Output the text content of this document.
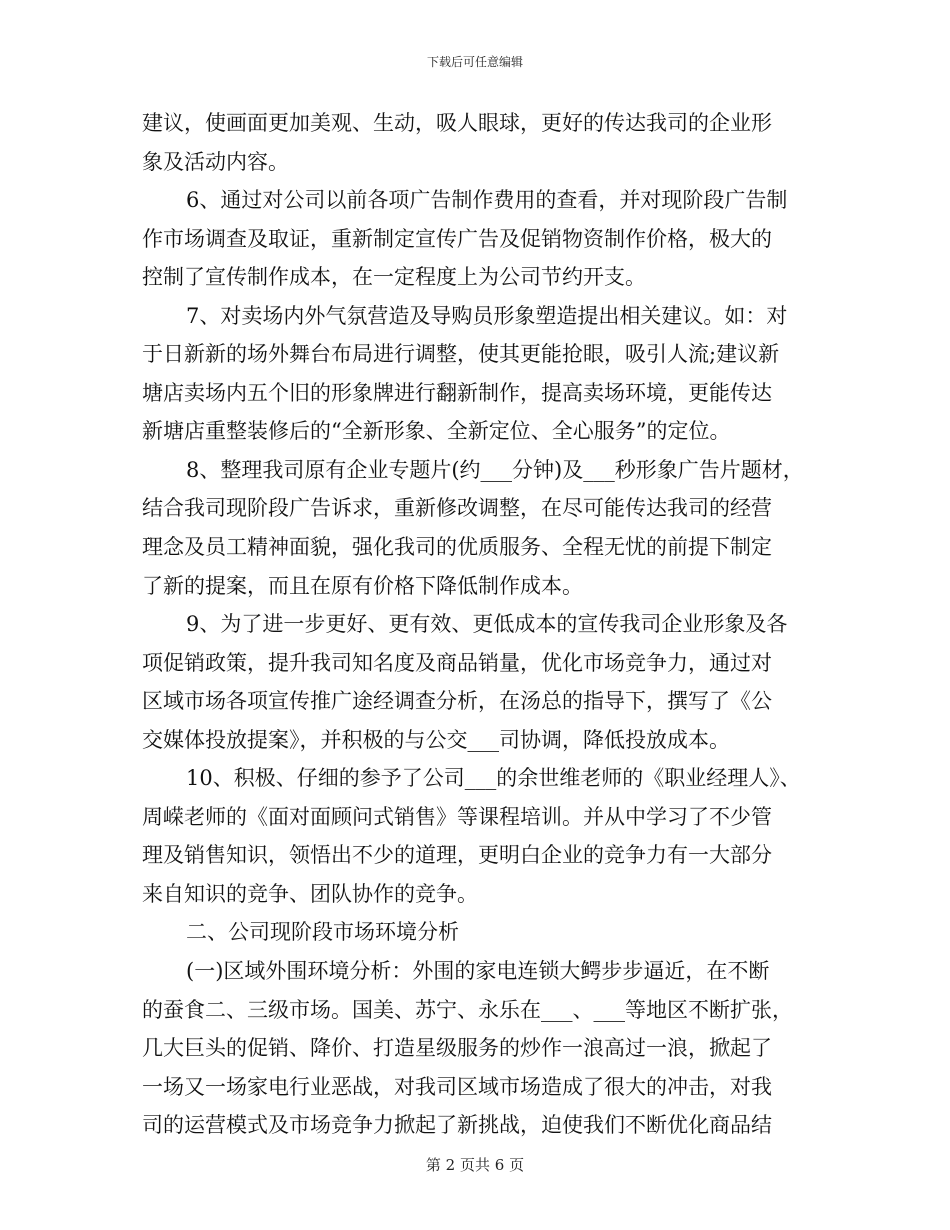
下载后可任意编辑
建议，使画面更加美观、生动，吸人眼球，更好的传达我司的企业形
象及活动内容。
6、通过对公司以前各项广告制作费用的查看，并对现阶段广告制
作市场调查及取证，重新制定宣传广告及促销物资制作价格，极大的
控制了宣传制作成本，在一定程度上为公司节约开支。
7、对卖场内外气氛营造及导购员形象塑造提出相关建议。如：对
于日新新的场外舞台布局进行调整，使其更能抢眼，吸引人流;建议新
塘店卖场内五个旧的形象牌进行翻新制作，提高卖场环境，更能传达
新塘店重整装修后的“全新形象、全新定位、全心服务”的定位。
8、整理我司原有企业专题片(约___分钟)及___秒形象广告片题材，
结合我司现阶段广告诉求，重新修改调整，在尽可能传达我司的经营
理念及员工精神面貌，强化我司的优质服务、全程无忧的前提下制定
了新的提案，而且在原有价格下降低制作成本。
9、为了进一步更好、更有效、更低成本的宣传我司企业形象及各
项促销政策，提升我司知名度及商品销量，优化市场竞争力，通过对
区域市场各项宣传推广途经调查分析，在汤总的指导下，撰写了《公
交媒体投放提案》，并积极的与公交___司协调，降低投放成本。
10、积极、仔细的参予了公司___的余世维老师的《职业经理人》、
周嵘老师的《面对面顾问式销售》等课程培训。并从中学习了不少管
理及销售知识，领悟出不少的道理，更明白企业的竞争力有一大部分
来自知识的竞争、团队协作的竞争。
二、公司现阶段市场环境分析
(一)区域外围环境分析：外围的家电连锁大鳄步步逼近，在不断
的蚕食二、三级市场。国美、苏宁、永乐在___、___等地区不断扩张，
几大巨头的促销、降价、打造星级服务的炒作一浪高过一浪，掀起了
一场又一场家电行业恶战，对我司区域市场造成了很大的冲击，对我
司的运营模式及市场竞争力掀起了新挑战，迫使我们不断优化商品结
第 2 页共 6 页
